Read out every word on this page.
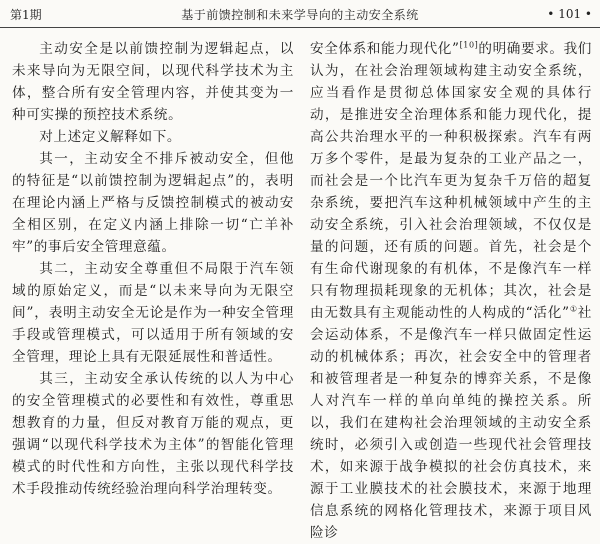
第1期	基于前馈控制和未来学导向的主动安全系统	• 101 •

主动安全是以前馈控制为逻辑起点，以未来导向为无限空间，以现代科学技术为主体，整合所有安全管理内容，并使其变为一种可实操的预控技术系统。

对上述定义解释如下。

其一，主动安全不排斥被动安全，但他的特征是“以前馈控制为逻辑起点”的，表明在理论内涵上严格与反馈控制模式的被动安全相区别，在定义内涵上排除一切“亡羊补牢”的事后安全管理意蕴。

其二，主动安全尊重但不局限于汽车领域的原始定义，而是“以未来导向为无限空间”，表明主动安全无论是作为一种安全管理手段或管理模式，可以适用于所有领域的安全管理，理论上具有无限延展性和普适性。

其三，主动安全承认传统的以人为中心的安全管理模式的必要性和有效性，尊重思想教育的力量，但反对教育万能的观点，更强调“以现代科学技术为主体”的智能化管理模式的时代性和方向性，主张以现代科学技术手段推动传统经验治理向科学治理转变。

安全体系和能力现代化”[10]的明确要求。我们认为，在社会治理领域构建主动安全系统，应当看作是贯彻总体国家安全观的具体行动，是推进安全治理体系和能力现代化，提高公共治理水平的一种积极探索。汽车有两万多个零件，是最为复杂的工业产品之一，而社会是一个比汽车更为复杂千万倍的超复杂系统，要把汽车这种机械领域中产生的主动安全系统，引入社会治理领域，不仅仅是量的问题，还有质的问题。首先，社会是个有生命代谢现象的有机体，不是像汽车一样只有物理损耗现象的无机体；其次，社会是由无数具有主观能动性的人构成的“活化”①社会运动体系，不是像汽车一样只做固定性运动的机械体系；再次，社会安全中的管理者和被管理者是一种复杂的博弈关系，不是像人对汽车一样的单向单纯的操控关系。所以，我们在建构社会治理领域的主动安全系统时，必须引入或创造一些现代社会管理技术，如来源于战争模拟的社会仿真技术，来源于工业膜技术的社会膜技术，来源于地理信息系统的网格化管理技术，来源于项目风险诊
